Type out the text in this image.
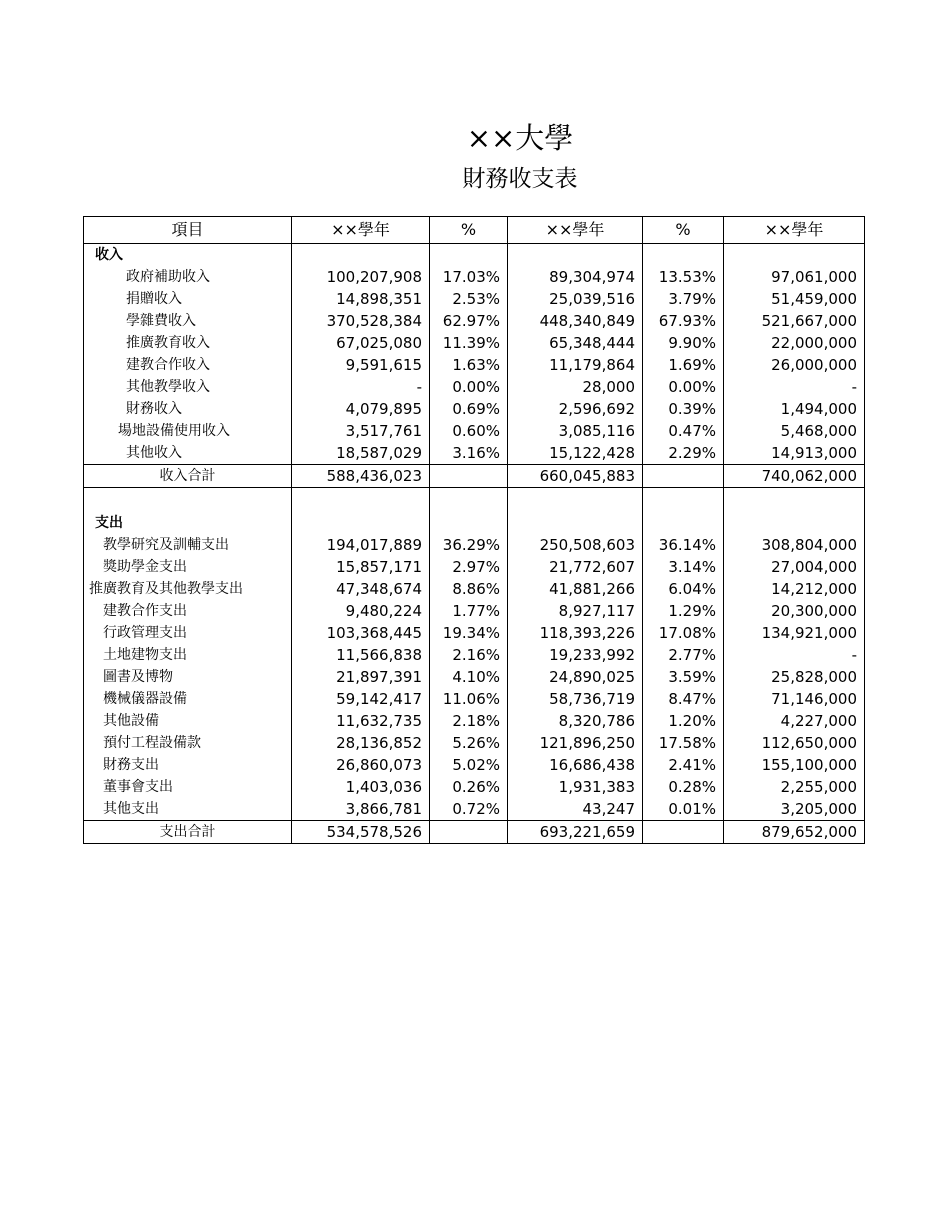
××大學
財務收支表
項目	××學年	%	××學年	%	××學年
收入					
政府補助收入	100,207,908	17.03%	89,304,974	13.53%	97,061,000
捐贈收入	14,898,351	2.53%	25,039,516	3.79%	51,459,000
學雜費收入	370,528,384	62.97%	448,340,849	67.93%	521,667,000
推廣教育收入	67,025,080	11.39%	65,348,444	9.90%	22,000,000
建教合作收入	9,591,615	1.63%	11,179,864	1.69%	26,000,000
其他教學收入	-	0.00%	28,000	0.00%	-
財務收入	4,079,895	0.69%	2,596,692	0.39%	1,494,000
場地設備使用收入	3,517,761	0.60%	3,085,116	0.47%	5,468,000
其他收入	18,587,029	3.16%	15,122,428	2.29%	14,913,000
收入合計	588,436,023		660,045,883		740,062,000

支出					
教學研究及訓輔支出	194,017,889	36.29%	250,508,603	36.14%	308,804,000
獎助學金支出	15,857,171	2.97%	21,772,607	3.14%	27,004,000
推廣教育及其他教學支出	47,348,674	8.86%	41,881,266	6.04%	14,212,000
建教合作支出	9,480,224	1.77%	8,927,117	1.29%	20,300,000
行政管理支出	103,368,445	19.34%	118,393,226	17.08%	134,921,000
土地建物支出	11,566,838	2.16%	19,233,992	2.77%	-
圖書及博物	21,897,391	4.10%	24,890,025	3.59%	25,828,000
機械儀器設備	59,142,417	11.06%	58,736,719	8.47%	71,146,000
其他設備	11,632,735	2.18%	8,320,786	1.20%	4,227,000
預付工程設備款	28,136,852	5.26%	121,896,250	17.58%	112,650,000
財務支出	26,860,073	5.02%	16,686,438	2.41%	155,100,000
董事會支出	1,403,036	0.26%	1,931,383	0.28%	2,255,000
其他支出	3,866,781	0.72%	43,247	0.01%	3,205,000
支出合計	534,578,526		693,221,659		879,652,000
